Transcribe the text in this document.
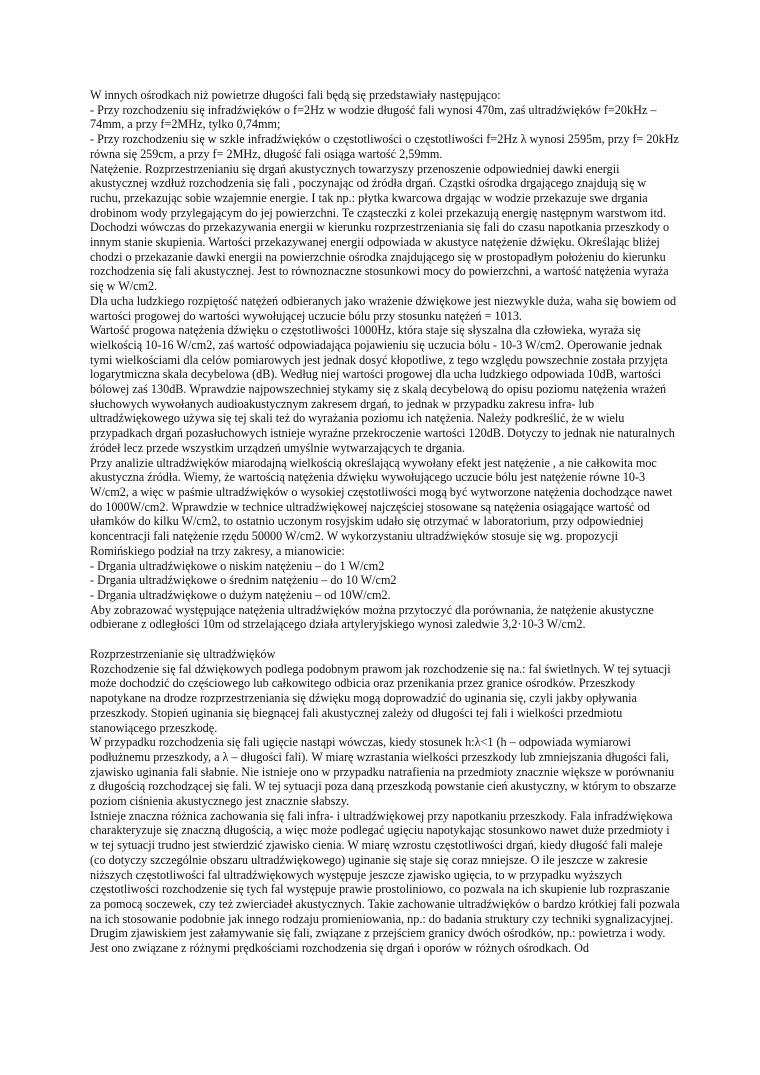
W innych ośrodkach niż powietrze długości fali będą się przedstawiały następująco:

- Przy rozchodzeniu się infradźwięków o f=2Hz w wodzie długość fali wynosi 470m, zaś ultradźwięków f=20kHz – 74mm, a przy f=2MHz, tylko 0,74mm;

- Przy rozchodzeniu się w szkle infradźwięków o częstotliwości o częstotliwości f=2Hz λ wynosi 2595m, przy f= 20kHz równa się 259cm, a przy f= 2MHz, długość fali osiąga wartość 2,59mm.

Natężenie. Rozprzestrzenianiu się drgań akustycznych towarzyszy przenoszenie odpowiedniej dawki energii akustycznej wzdłuż rozchodzenia się fali , poczynając od źródła drgań. Cząstki ośrodka drgającego znajdują się w ruchu, przekazując sobie wzajemnie energie. I tak np.: płytka kwarcowa drgając w wodzie przekazuje swe drgania drobinom wody przylegającym do jej powierzchni. Te cząsteczki z kolei przekazują energię następnym warstwom itd. Dochodzi wówczas do przekazywania energii w kierunku rozprzestrzeniania się fali do czasu napotkania przeszkody o innym stanie skupienia. Wartości przekazywanej energii odpowiada w akustyce natężenie dźwięku. Określając bliżej chodzi o przekazanie dawki energii na powierzchnie ośrodka znajdującego się w prostopadłym położeniu do kierunku rozchodzenia się fali akustycznej. Jest to równoznaczne stosunkowi mocy do powierzchni, a wartość natężenia wyraża się w W/cm2.

Dla ucha ludzkiego rozpiętość natężeń odbieranych jako wrażenie dźwiękowe jest niezwykle duża, waha się bowiem od wartości progowej do wartości wywołującej uczucie bólu przy stosunku natężeń = 1013.

Wartość progowa natężenia dźwięku o częstotliwości 1000Hz, która staje się słyszalna dla człowieka, wyraża się wielkością 10-16 W/cm2, zaś wartość odpowiadająca pojawieniu się uczucia bólu - 10-3 W/cm2. Operowanie jednak tymi wielkościami dla celów pomiarowych jest jednak dosyć kłopotliwe, z tego względu powszechnie została przyjęta logarytmiczna skala decybelowa (dB). Według niej wartości progowej dla ucha ludzkiego odpowiada 10dB, wartości bólowej zaś 130dB. Wprawdzie najpowszechniej stykamy się z skalą decybelową do opisu poziomu natężenia wrażeń słuchowych wywołanych audioakustycznym zakresem drgań, to jednak w przypadku zakresu infra- lub ultradźwiękowego używa się tej skali też do wyrażania poziomu ich natężenia. Należy podkreślić, że w wielu przypadkach drgań pozasłuchowych istnieje wyraźne przekroczenie wartości 120dB. Dotyczy to jednak nie naturalnych źródeł lecz przede wszystkim urządzeń umyślnie wytwarzających te drgania.

Przy analizie ultradźwięków miarodajną wielkością określającą wywołany efekt jest natężenie , a nie całkowita moc akustyczna źródła. Wiemy, że wartością natężenia dźwięku wywołującego uczucie bólu jest natężenie równe 10-3 W/cm2, a więc w paśmie ultradźwięków o wysokiej częstotliwości mogą być wytworzone natężenia dochodzące nawet do 1000W/cm2. Wprawdzie w technice ultradźwiękowej najczęściej stosowane są natężenia osiągające wartość od ułamków do kilku W/cm2, to ostatnio uczonym rosyjskim udało się otrzymać w laboratorium, przy odpowiedniej koncentracji fali natężenie rzędu 50000 W/cm2. W wykorzystaniu ultradźwięków stosuje się wg. propozycji Romińskiego podział na trzy zakresy, a mianowicie:

- Drgania ultradźwiękowe o niskim natężeniu – do 1 W/cm2

- Drgania ultradźwiękowe o średnim natężeniu – do 10 W/cm2

- Drgania ultradźwiękowe o dużym natężeniu – od 10W/cm2.

Aby zobrazować występujące natężenia ultradźwięków można przytoczyć dla porównania, że natężenie akustyczne odbierane z odległości 10m od strzelającego działa artyleryjskiego wynosi zaledwie 3,2·10-3 W/cm2.

Rozprzestrzenianie się ultradźwięków

Rozchodzenie się fal dźwiękowych podlega podobnym prawom jak rozchodzenie się na.: fal świetlnych. W tej sytuacji może dochodzić do częściowego lub całkowitego odbicia oraz przenikania przez granice ośrodków. Przeszkody napotykane na drodze rozprzestrzeniania się dźwięku mogą doprowadzić do uginania się, czyli jakby opływania przeszkody. Stopień uginania się biegnącej fali akustycznej zależy od długości tej fali i wielkości przedmiotu stanowiącego przeszkodę.

W przypadku rozchodzenia się fali ugięcie nastąpi wówczas, kiedy stosunek h:λ<1 (h – odpowiada wymiarowi podłużnemu przeszkody, a λ – długości fali). W miarę wzrastania wielkości przeszkody lub zmniejszania długości fali, zjawisko uginania fali słabnie. Nie istnieje ono w przypadku natrafienia na przedmioty znacznie większe w porównaniu z długością rozchodzącej się fali. W tej sytuacji poza daną przeszkodą powstanie cień akustyczny, w którym to obszarze poziom ciśnienia akustycznego jest znacznie słabszy.

Istnieje znaczna różnica zachowania się fali infra- i ultradźwiękowej przy napotkaniu przeszkody. Fala infradźwiękowa charakteryzuje się znaczną długością, a więc może podlegać ugięciu napotykając stosunkowo nawet duże przedmioty i w tej sytuacji trudno jest stwierdzić zjawisko cienia. W miarę wzrostu częstotliwości drgań, kiedy długość fali maleje (co dotyczy szczególnie obszaru ultradźwiękowego) uginanie się staje się coraz mniejsze. O ile jeszcze w zakresie niższych częstotliwości fal ultradźwiękowych występuje jeszcze zjawisko ugięcia, to w przypadku wyższych częstotliwości rozchodzenie się tych fal występuje prawie prostoliniowo, co pozwala na ich skupienie lub rozpraszanie za pomocą soczewek, czy też zwierciadeł akustycznych. Takie zachowanie ultradźwięków o bardzo krótkiej fali pozwala na ich stosowanie podobnie jak innego rodzaju promieniowania, np.: do badania struktury czy techniki sygnalizacyjnej.

Drugim zjawiskiem jest załamywanie się fali, związane z przejściem granicy dwóch ośrodków, np.: powietrza i wody. Jest ono związane z różnymi prędkościami rozchodzenia się drgań i oporów w różnych ośrodkach. Od
